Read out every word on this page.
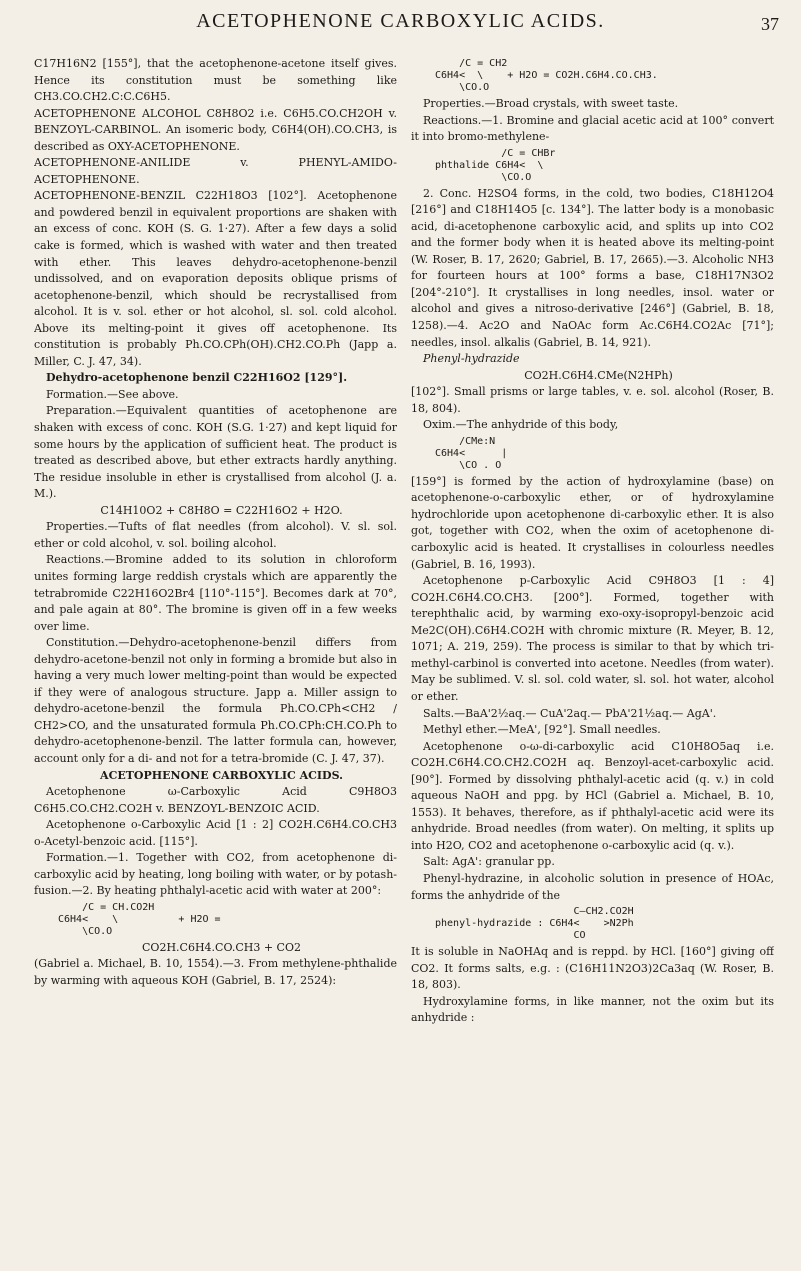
ACETOPHENONE CARBOXYLIC ACIDS.	37

C17H16N2 [155°], that the acetophenone-acetone itself gives. Hence its constitution must be something like CH3.CO.CH2.C:C.C6H5.

ACETOPHENONE ALCOHOL C8H8O2 i.e. C6H5.CO.CH2OH v. BENZOYL-CARBINOL. An isomeric body, C6H4(OH).CO.CH3, is described as OXY-ACETOPHENONE.

ACETOPHENONE-ANILIDE v. PHENYL-AMIDO-ACETOPHENONE.

ACETOPHENONE-BENZIL C22H18O3 [102°]. Acetophenone and powdered benzil in equivalent proportions are shaken with an excess of conc. KOH (S. G. 1·27). After a few days a solid cake is formed, which is washed with water and then treated with ether. This leaves dehydro-acetophenone-benzil undissolved, and on evaporation deposits oblique prisms of acetophenone-benzil, which should be recrystallised from alcohol. It is v. sol. ether or hot alcohol, sl. sol. cold alcohol. Above its melting-point it gives off acetophenone. Its constitution is probably Ph.CO.CPh(OH).CH2.CO.Ph (Japp a. Miller, C. J. 47, 34).

Dehydro-acetophenone benzil C22H16O2 [129°].

Formation.—See above.

Preparation.—Equivalent quantities of acetophenone are shaken with excess of conc. KOH (S.G. 1·27) and kept liquid for some hours by the application of sufficient heat. The product is treated as described above, but ether extracts hardly anything. The residue insoluble in ether is crystallised from alcohol (J. a. M.).

C14H10O2 + C8H8O = C22H16O2 + H2O.

Properties.—Tufts of flat needles (from alcohol). V. sl. sol. ether or cold alcohol, v. sol. boiling alcohol.

Reactions.—Bromine added to its solution in chloroform unites forming large reddish crystals which are apparently the tetrabromide C22H16O2Br4 [110°-115°]. Becomes dark at 70°, and pale again at 80°. The bromine is given off in a few weeks over lime.

Constitution.—Dehydro-acetophenone-benzil differs from dehydro-acetone-benzil not only in forming a bromide but also in having a very much lower melting-point than would be expected if they were of analogous structure. Japp a. Miller assign to dehydro-acetone-benzil the formula Ph.CO.CPh<CH2 / CH2>CO, and the unsaturated formula Ph.CO.CPh:CH.CO.Ph to dehydro-acetophenone-benzil. The latter formula can, however, account only for a di- and not for a tetra-bromide (C. J. 47, 37).

ACETOPHENONE CARBOXYLIC ACIDS.

Acetophenone ω-Carboxylic Acid C9H8O3 C6H5.CO.CH2.CO2H v. BENZOYL-BENZOIC ACID.

Acetophenone o-Carboxylic Acid [1 : 2] CO2H.C6H4.CO.CH3 o-Acetyl-benzoic acid. [115°].

Formation.—1. Together with CO2, from acetophenone di-carboxylic acid by heating, long boiling with water, or by potash-fusion.—2. By heating phthalyl-acetic acid with water at 200°:

/C = CH.CO2H
C6H4<    \          + H2O =
\CO.O

CO2H.C6H4.CO.CH3 + CO2

(Gabriel a. Michael, B. 10, 1554).—3. From methylene-phthalide by warming with aqueous KOH (Gabriel, B. 17, 2524):

/C = CH2
C6H4<  \    + H2O = CO2H.C6H4.CO.CH3.
\CO.O

Properties.—Broad crystals, with sweet taste.

Reactions.—1. Bromine and glacial acetic acid at 100° convert it into bromo-methylene-

/C = CHBr
phthalide C6H4<  \
\CO.O

2. Conc. H2SO4 forms, in the cold, two bodies, C18H12O4 [216°] and C18H14O5 [c. 134°]. The latter body is a monobasic acid, di-acetophenone carboxylic acid, and splits up into CO2 and the former body when it is heated above its melting-point (W. Roser, B. 17, 2620; Gabriel, B. 17, 2665).—3. Alcoholic NH3 for fourteen hours at 100° forms a base, C18H17N3O2 [204°-210°]. It crystallises in long needles, insol. water or alcohol and gives a nitroso-derivative [246°] (Gabriel, B. 18, 1258).—4. Ac2O and NaOAc form Ac.C6H4.CO2Ac [71°]; needles, insol. alkalis (Gabriel, B. 14, 921).

Phenyl-hydrazide

CO2H.C6H4.CMe(N2HPh)

[102°]. Small prisms or large tables, v. e. sol. alcohol (Roser, B. 18, 804).

Oxim.—The anhydride of this body,

/CMe:N
C6H4<      |
\CO . O

[159°] is formed by the action of hydroxylamine (base) on acetophenone-o-carboxylic ether, or of hydroxylamine hydrochloride upon acetophenone di-carboxylic ether. It is also got, together with CO2, when the oxim of acetophenone di-carboxylic acid is heated. It crystallises in colourless needles (Gabriel, B. 16, 1993).

Acetophenone p-Carboxylic Acid C9H8O3 [1 : 4] CO2H.C6H4.CO.CH3. [200°]. Formed, together with terephthalic acid, by warming exo-oxy-isopropyl-benzoic acid Me2C(OH).C6H4.CO2H with chromic mixture (R. Meyer, B. 12, 1071; A. 219, 259). The process is similar to that by which tri-methyl-carbinol is converted into acetone. Needles (from water). May be sublimed. V. sl. sol. cold water, sl. sol. hot water, alcohol or ether.

Salts.—BaA'2½aq.— CuA'2aq.— PbA'21½aq.— AgA'.

Methyl ether.—MeA', [92°]. Small needles.

Acetophenone o-ω-di-carboxylic acid C10H8O5aq i.e. CO2H.C6H4.CO.CH2.CO2H aq. Benzoyl-acet-carboxylic acid. [90°]. Formed by dissolving phthalyl-acetic acid (q. v.) in cold aqueous NaOH and ppg. by HCl (Gabriel a. Michael, B. 10, 1553). It behaves, therefore, as if phthalyl-acetic acid were its anhydride. Broad needles (from water). On melting, it splits up into H2O, CO2 and acetophenone o-carboxylic acid (q. v.).

Salt: AgA': granular pp.

Phenyl-hydrazine, in alcoholic solution in presence of HOAc, forms the anhydride of the

C—CH2.CO2H
phenyl-hydrazide : C6H4<    >N2Ph
CO

It is soluble in NaOHAq and is reppd. by HCl. [160°] giving off CO2. It forms salts, e.g. : (C16H11N2O3)2Ca3aq (W. Roser, B. 18, 803).

Hydroxylamine forms, in like manner, not the oxim but its anhydride :
